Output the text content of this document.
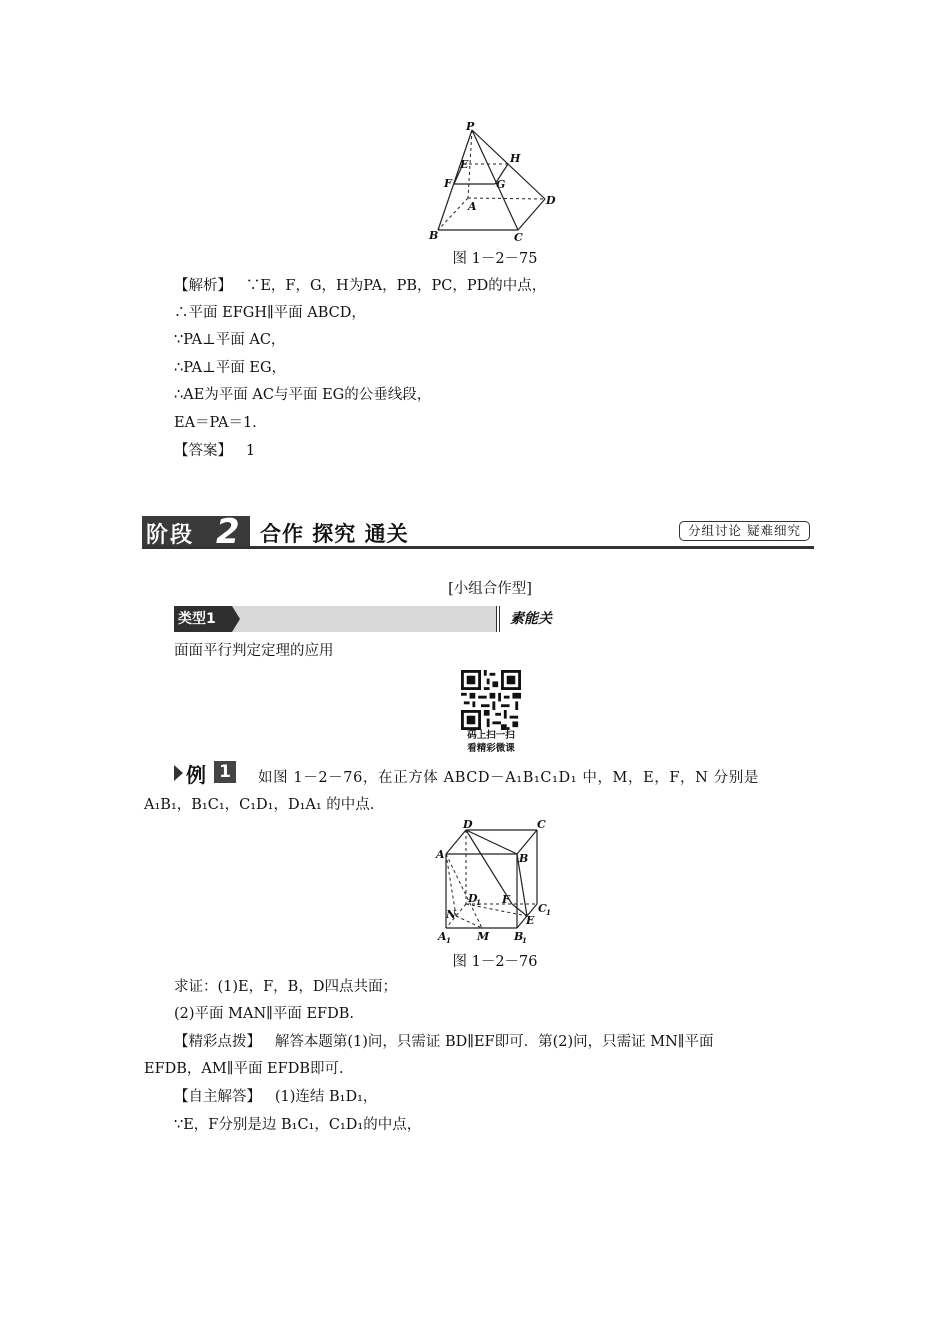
P
E	H
F	G
A	D
B	C
图 1－2－75
【解析】 ∵E，F，G，H为PA，PB，PC，PD的中点，
∴平面 EFGH∥平面 ABCD，
∵PA⊥平面 AC，
∴PA⊥平面 EG，
∴AE为平面 AC与平面 EG的公垂线段，
EA＝PA＝1.
【答案】 1
阶段 2 合作 探究 通关	分组讨论 疑难细究
[小组合作型]
类型1	素能关
面面平行判定定理的应用
码上扫一扫
看精彩微课
例 1	如图 1－2－76，在正方体 ABCD－A₁B₁C₁D₁ 中，M，E，F，N 分别是
A₁B₁，B₁C₁，C₁D₁，D₁A₁ 的中点.
D	C
A	B
D
1 F
C 1
N	E
A 1 M B
1
图 1－2－76
求证：(1)E，F，B，D四点共面；
(2)平面 MAN∥平面 EFDB.
【精彩点拨】 解答本题第(1)问，只需证 BD∥EF即可．第(2)问，只需证 MN∥平面
EFDB，AM∥平面 EFDB即可.
【自主解答】 (1)连结 B₁D₁，
∵E，F分别是边 B₁C₁，C₁D₁的中点，
